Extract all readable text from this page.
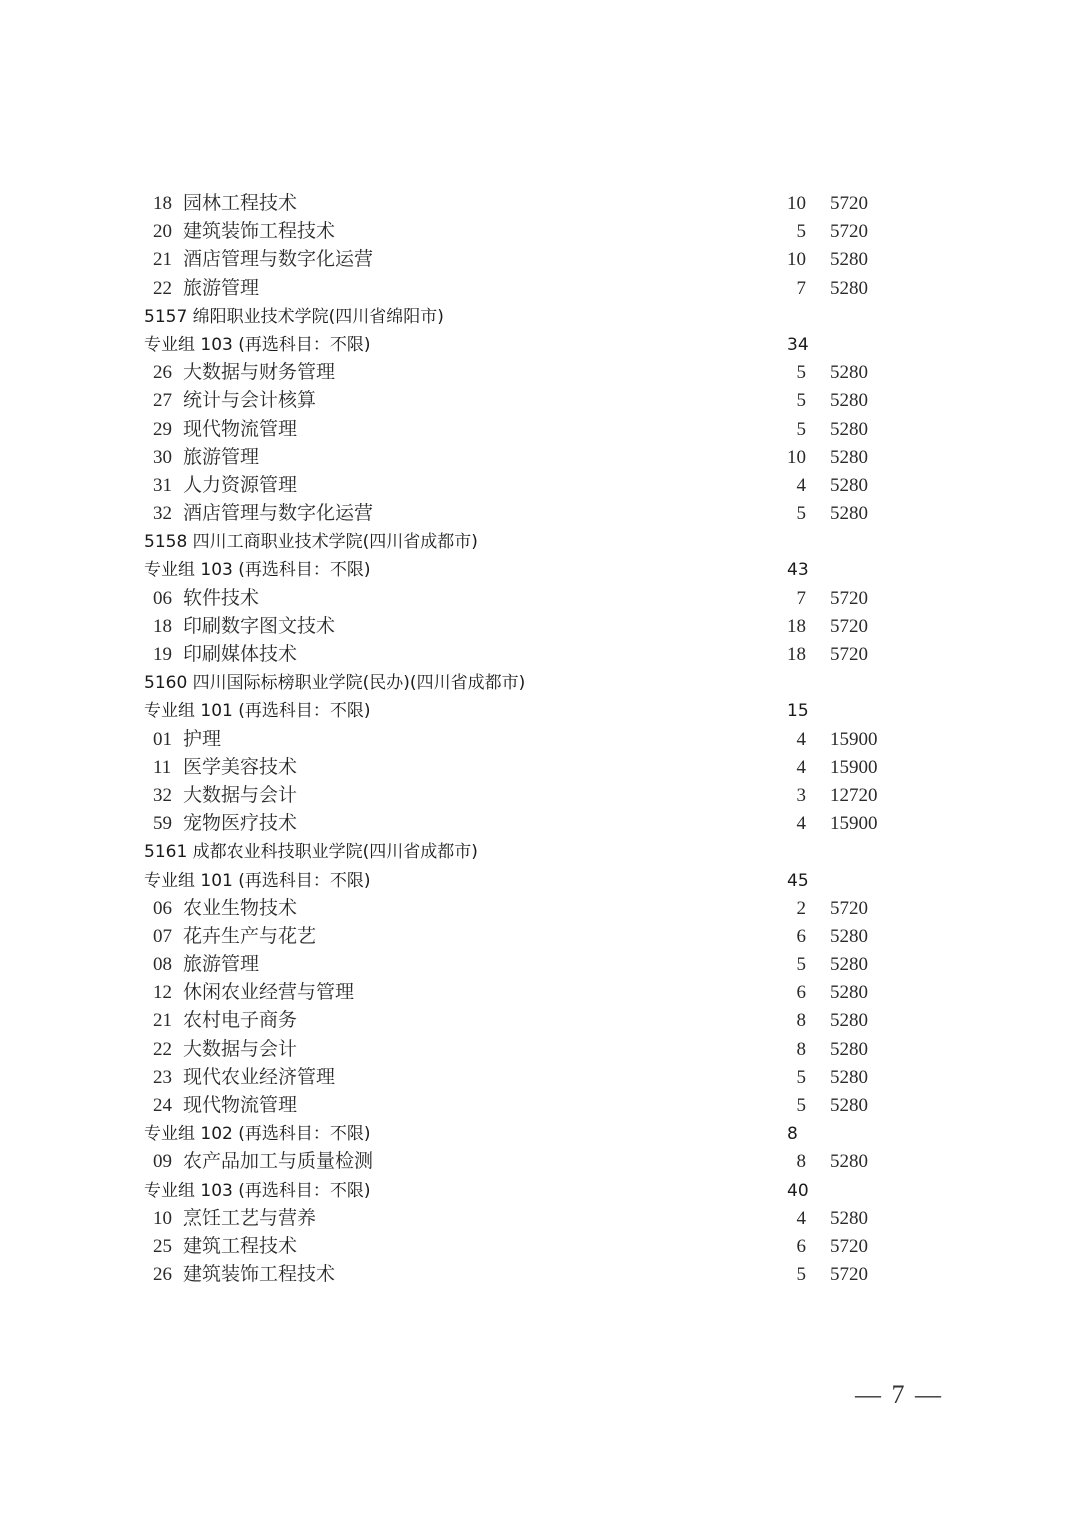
18 园林工程技术	10 5720
20 建筑装饰工程技术	5 5720
21 酒店管理与数字化运营	10 5280
22 旅游管理	7 5280
5157 绵阳职业技术学院(四川省绵阳市)
专业组 103 (再选科目：不限)	34
26 大数据与财务管理	5 5280
27 统计与会计核算	5 5280
29 现代物流管理	5 5280
30 旅游管理	10 5280
31 人力资源管理	4 5280
32 酒店管理与数字化运营	5 5280
5158 四川工商职业技术学院(四川省成都市)
专业组 103 (再选科目：不限)	43
06 软件技术	7 5720
18 印刷数字图文技术	18 5720
19 印刷媒体技术	18 5720
5160 四川国际标榜职业学院(民办)(四川省成都市)
专业组 101 (再选科目：不限)	15
01 护理	4 15900
11 医学美容技术	4 15900
32 大数据与会计	3 12720
59 宠物医疗技术	4 15900
5161 成都农业科技职业学院(四川省成都市)
专业组 101 (再选科目：不限)	45
06 农业生物技术	2 5720
07 花卉生产与花艺	6 5280
08 旅游管理	5 5280
12 休闲农业经营与管理	6 5280
21 农村电子商务	8 5280
22 大数据与会计	8 5280
23 现代农业经济管理	5 5280
24 现代物流管理	5 5280
专业组 102 (再选科目：不限)	8
09 农产品加工与质量检测	8 5280
专业组 103 (再选科目：不限)	40
10 烹饪工艺与营养	4 5280
25 建筑工程技术	6 5720
26 建筑装饰工程技术	5 5720
— 7 —
